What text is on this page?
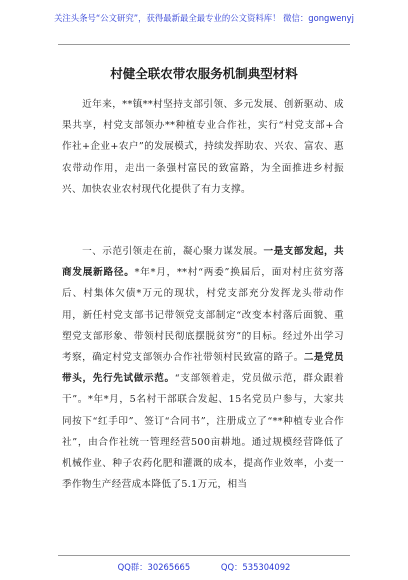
关注头条号“公文研究”，获得最新最全最专业的公文资料库！ 微信：gongwenyj
村健全联农带农服务机制典型材料

　　近年来，**镇**村坚持支部引领、多元发展、创新驱动、成果共享，村党支部领办**种植专业合作社，实行“村党支部+合作社+企业+农户”的发展模式，持续发挥助农、兴农、富农、惠农带动作用，走出一条强村富民的致富路，为全面推进乡村振兴、加快农业农村现代化提供了有力支撑。

　　一、示范引领走在前，凝心聚力谋发展。一是支部发起，共商发展新路径。*年*月，**村“两委”换届后，面对村庄贫穷落后、村集体欠债*万元的现状，村党支部充分发挥龙头带动作用，新任村党支部书记带领党支部制定“改变本村落后面貌、重塑党支部形象、带领村民彻底摆脱贫穷”的目标。经过外出学习考察，确定村党支部领办合作社带领村民致富的路子。二是党员带头，先行先试做示范。“支部领着走，党员做示范，群众跟着干”。*年*月，5名村干部联合发起、15名党员户参与，大家共同按下“红手印”、签订“合同书”，注册成立了“**种植专业合作社”，由合作社统一管理经营500亩耕地。通过规模经营降低了机械作业、种子农药化肥和灌溉的成本，提高作业效率，小麦一季作物生产经营成本降低了5.1万元，相当

QQ群：30265665	QQ：535304092
